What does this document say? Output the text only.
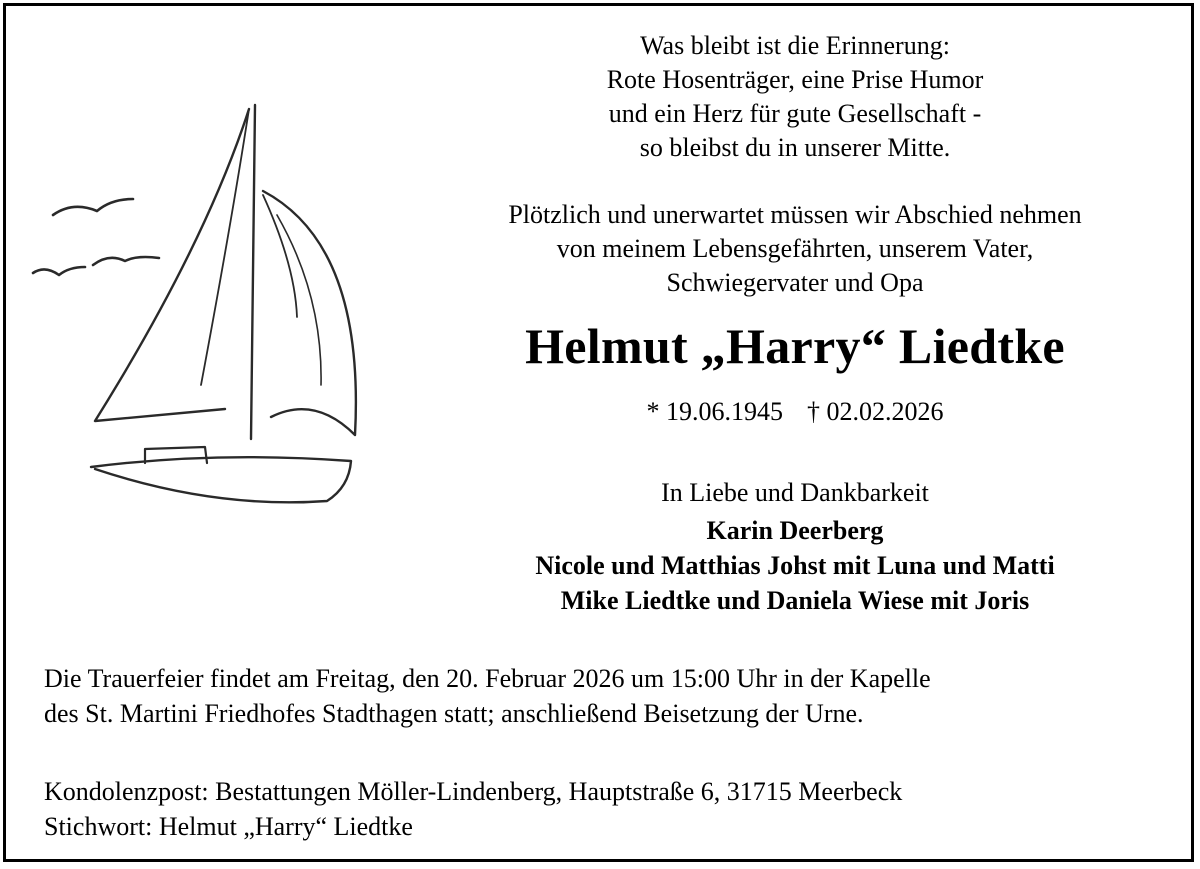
Was bleibt ist die Erinnerung:
Rote Hosenträger, eine Prise Humor
und ein Herz für gute Gesellschaft -
so bleibst du in unserer Mitte.
Plötzlich und unerwartet müssen wir Abschied nehmen
von meinem Lebensgefährten, unserem Vater,
Schwiegervater und Opa
Helmut „Harry“ Liedtke
* 19.06.1945 † 02.02.2026
In Liebe und Dankbarkeit
Karin Deerberg
Nicole und Matthias Johst mit Luna und Matti
Mike Liedtke und Daniela Wiese mit Joris
Die Trauerfeier findet am Freitag, den 20. Februar 2026 um 15:00 Uhr in der Kapelle
des St. Martini Friedhofes Stadthagen statt; anschließend Beisetzung der Urne.
Kondolenzpost: Bestattungen Möller-Lindenberg, Hauptstraße 6, 31715 Meerbeck
Stichwort: Helmut „Harry“ Liedtke
